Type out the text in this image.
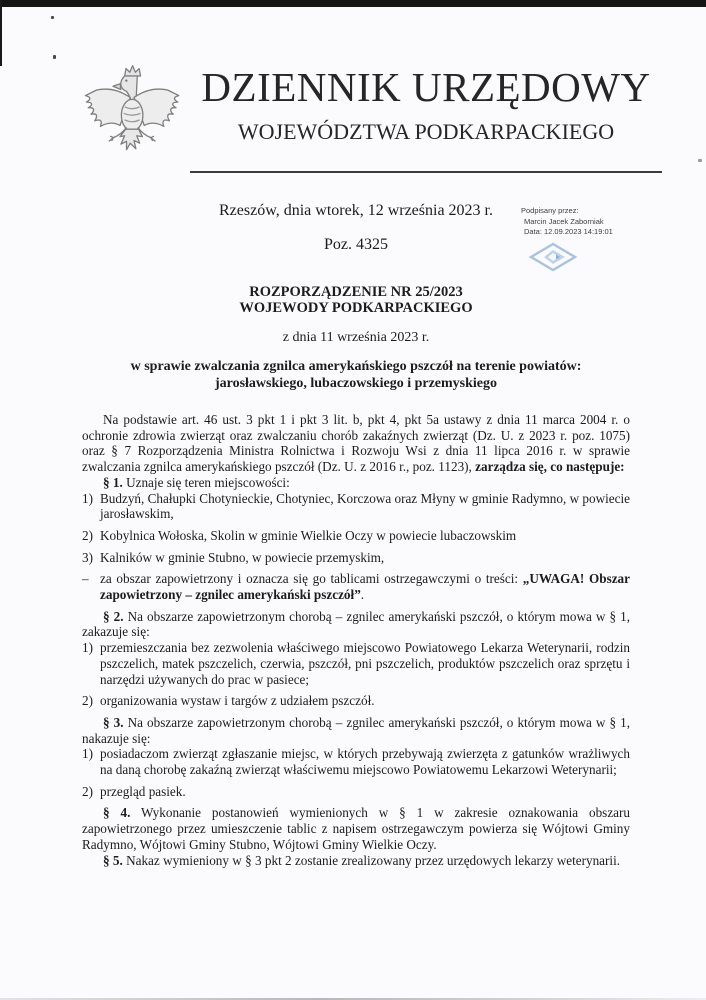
DZIENNIK URZĘDOWY
WOJEWÓDZTWA PODKARPACKIEGO
Rzeszów, dnia wtorek, 12 września 2023 r.
Poz. 4325
Podpisany przez:
Marcin Jacek Zaborniak
Data: 12.09.2023 14:19:01
ROZPORZĄDZENIE NR 25/2023
WOJEWODY PODKARPACKIEGO
z dnia 11 września 2023 r.
w sprawie zwalczania zgnilca amerykańskiego pszczół na terenie powiatów:
jarosławskiego, lubaczowskiego i przemyskiego

Na podstawie art. 46 ust. 3 pkt 1 i pkt 3 lit. b, pkt 4, pkt 5a ustawy z dnia 11 marca 2004 r. o ochronie zdrowia zwierząt oraz zwalczaniu chorób zakaźnych zwierząt (Dz. U. z 2023 r. poz. 1075) oraz § 7 Rozporządzenia Ministra Rolnictwa i Rozwoju Wsi z dnia 11 lipca 2016 r. w sprawie zwalczania zgnilca amerykańskiego pszczół (Dz. U. z 2016 r., poz. 1123), zarządza się, co następuje:

§ 1. Uznaje się teren miejscowości:

1) Budzyń, Chałupki Chotynieckie, Chotyniec, Korczowa oraz Młyny w gminie Radymno, w powiecie jarosławskim,
2) Kobylnica Wołoska, Skolin w gminie Wielkie Oczy w powiecie lubaczowskim
3) Kalników w gminie Stubno, w powiecie przemyskim,
– za obszar zapowietrzony i oznacza się go tablicami ostrzegawczymi o treści: „UWAGA! Obszar zapowietrzony – zgnilec amerykański pszczół”.

§ 2. Na obszarze zapowietrzonym chorobą – zgnilec amerykański pszczół, o którym mowa w § 1, zakazuje się:

1) przemieszczania bez zezwolenia właściwego miejscowo Powiatowego Lekarza Weterynarii, rodzin pszczelich, matek pszczelich, czerwia, pszczół, pni pszczelich, produktów pszczelich oraz sprzętu i narzędzi używanych do prac w pasiece;
2) organizowania wystaw i targów z udziałem pszczół.

§ 3. Na obszarze zapowietrzonym chorobą – zgnilec amerykański pszczół, o którym mowa w § 1, nakazuje się:

1) posiadaczom zwierząt zgłaszanie miejsc, w których przebywają zwierzęta z gatunków wrażliwych na daną chorobę zakaźną zwierząt właściwemu miejscowo Powiatowemu Lekarzowi Weterynarii;
2) przegląd pasiek.

§ 4. Wykonanie postanowień wymienionych w § 1 w zakresie oznakowania obszaru zapowietrzonego przez umieszczenie tablic z napisem ostrzegawczym powierza się Wójtowi Gminy Radymno, Wójtowi Gminy Stubno, Wójtowi Gminy Wielkie Oczy.

§ 5. Nakaz wymieniony w § 3 pkt 2 zostanie zrealizowany przez urzędowych lekarzy weterynarii.
